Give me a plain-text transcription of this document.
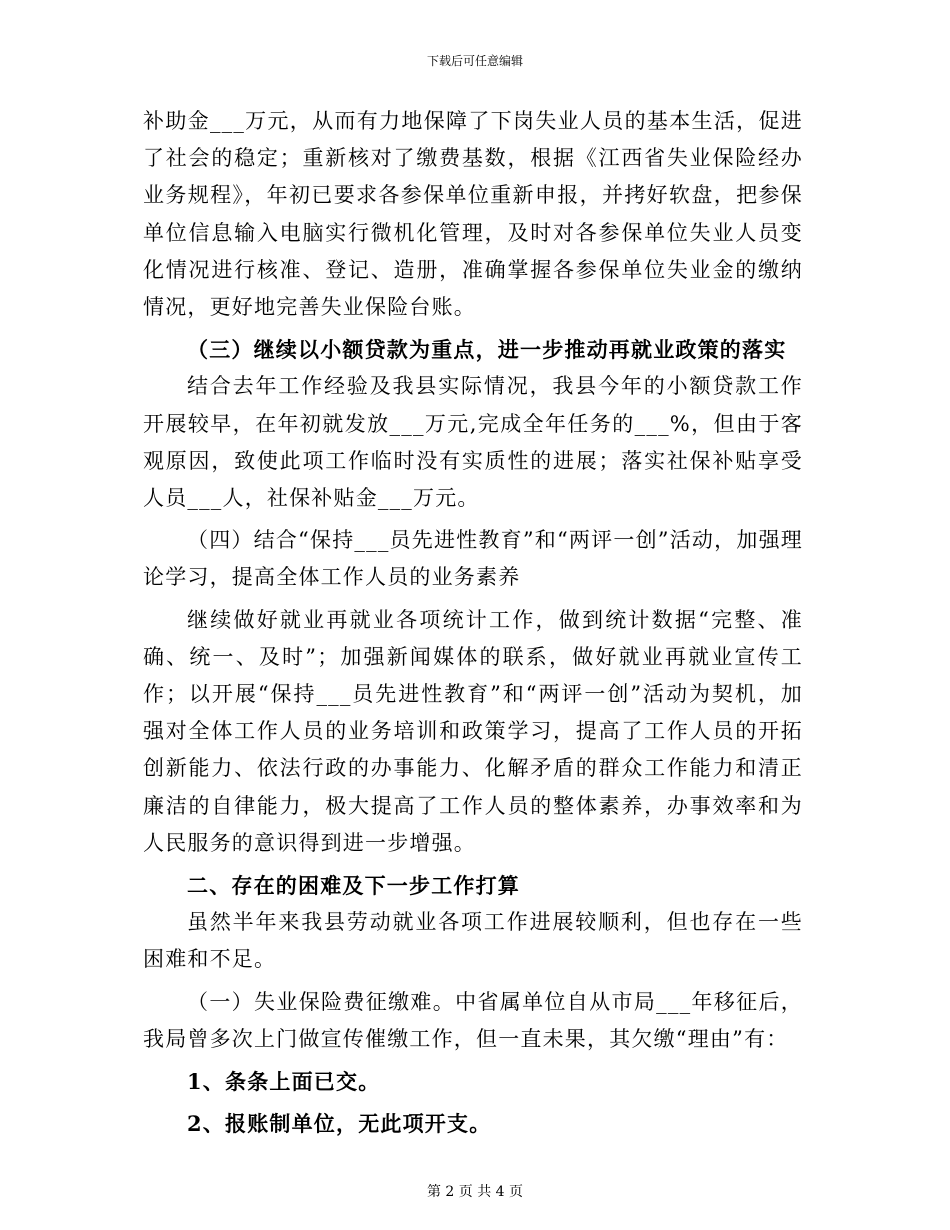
下载后可任意编辑

补助金___万元，从而有力地保障了下岗失业人员的基本生活，促进了社会的稳定；重新核对了缴费基数，根据《江西省失业保险经办业务规程》，年初已要求各参保单位重新申报，并拷好软盘，把参保单位信息输入电脑实行微机化管理，及时对各参保单位失业人员变化情况进行核准、登记、造册，准确掌握各参保单位失业金的缴纳情况，更好地完善失业保险台账。

（三）继续以小额贷款为重点，进一步推动再就业政策的落实

结合去年工作经验及我县实际情况，我县今年的小额贷款工作开展较早，在年初就发放___万元,完成全年任务的___%，但由于客观原因，致使此项工作临时没有实质性的进展；落实社保补贴享受人员___人，社保补贴金___万元。

（四）结合“保持___员先进性教育”和“两评一创”活动，加强理论学习，提高全体工作人员的业务素养

继续做好就业再就业各项统计工作，做到统计数据“完整、准确、统一、及时”；加强新闻媒体的联系，做好就业再就业宣传工作；以开展“保持___员先进性教育”和“两评一创”活动为契机，加强对全体工作人员的业务培训和政策学习，提高了工作人员的开拓创新能力、依法行政的办事能力、化解矛盾的群众工作能力和清正廉洁的自律能力，极大提高了工作人员的整体素养，办事效率和为人民服务的意识得到进一步增强。

二、存在的困难及下一步工作打算

虽然半年来我县劳动就业各项工作进展较顺利，但也存在一些困难和不足。

（一）失业保险费征缴难。中省属单位自从市局___年移征后，我局曾多次上门做宣传催缴工作，但一直未果，其欠缴“理由”有：

1、条条上面已交。

2、报账制单位，无此项开支。

第 2 页 共 4 页
